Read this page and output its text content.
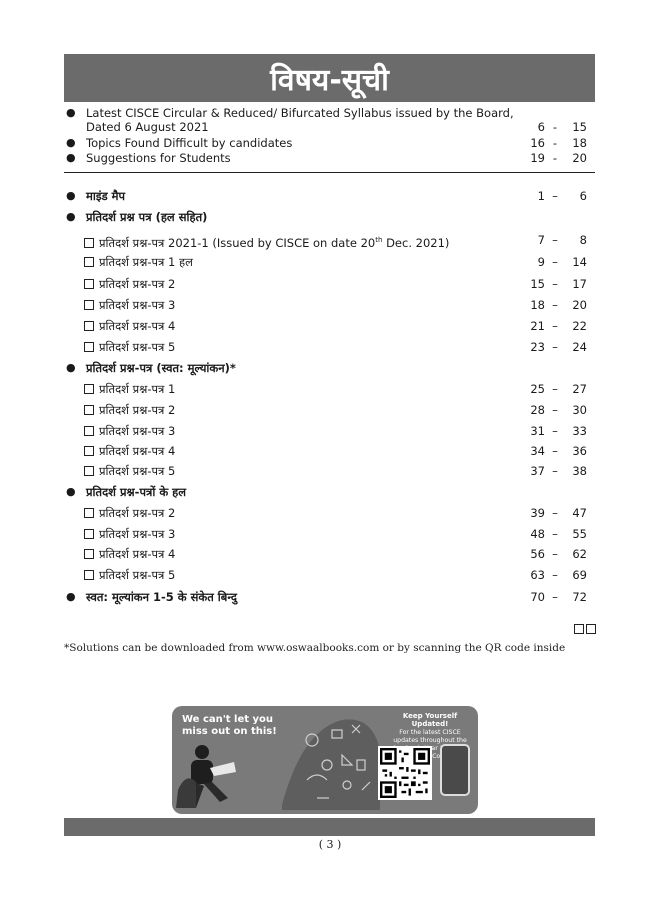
विषय-सूची
● Latest CISCE Circular & Reduced/ Bifurcated Syllabus issued by the Board,
Dated 6 August 2021	6 - 15
● Topics Found Difficult by candidates	16 - 18
● Suggestions for Students	19 - 20
● माइंड मैप	1 – 6
● प्रतिदर्श प्रश्न पत्र (हल सहित)
प्रतिदर्श प्रश्न-पत्र 2021-1 (Issued by CISCE on date 20th Dec. 2021)	7 – 8
प्रतिदर्श प्रश्न-पत्र 1 हल	9 – 14
प्रतिदर्श प्रश्न-पत्र 2	15 – 17
प्रतिदर्श प्रश्न-पत्र 3	18 – 20
प्रतिदर्श प्रश्न-पत्र 4	21 – 22
प्रतिदर्श प्रश्न-पत्र 5	23 – 24
● प्रतिदर्श प्रश्न-पत्र (स्वत: मूल्यांकन)*
प्रतिदर्श प्रश्न-पत्र 1	25 – 27
प्रतिदर्श प्रश्न-पत्र 2	28 – 30
प्रतिदर्श प्रश्न-पत्र 3	31 – 33
प्रतिदर्श प्रश्न-पत्र 4	34 – 36
प्रतिदर्श प्रश्न-पत्र 5	37 – 38
● प्रतिदर्श प्रश्न-पत्रों के हल
प्रतिदर्श प्रश्न-पत्र 2	39 – 47
प्रतिदर्श प्रश्न-पत्र 3	48 – 55
प्रतिदर्श प्रश्न-पत्र 4	56 – 62
प्रतिदर्श प्रश्न-पत्र 5	63 – 69
● स्वत: मूल्यांकन 1-5 के संकेत बिन्दु	70 – 72
*Solutions can be downloaded from www.oswaalbooks.com or by scanning the QR code inside
We can't let you miss out on this!
Keep Yourself Updated!
For the latest CISCE updates throughout the
( 3 )
